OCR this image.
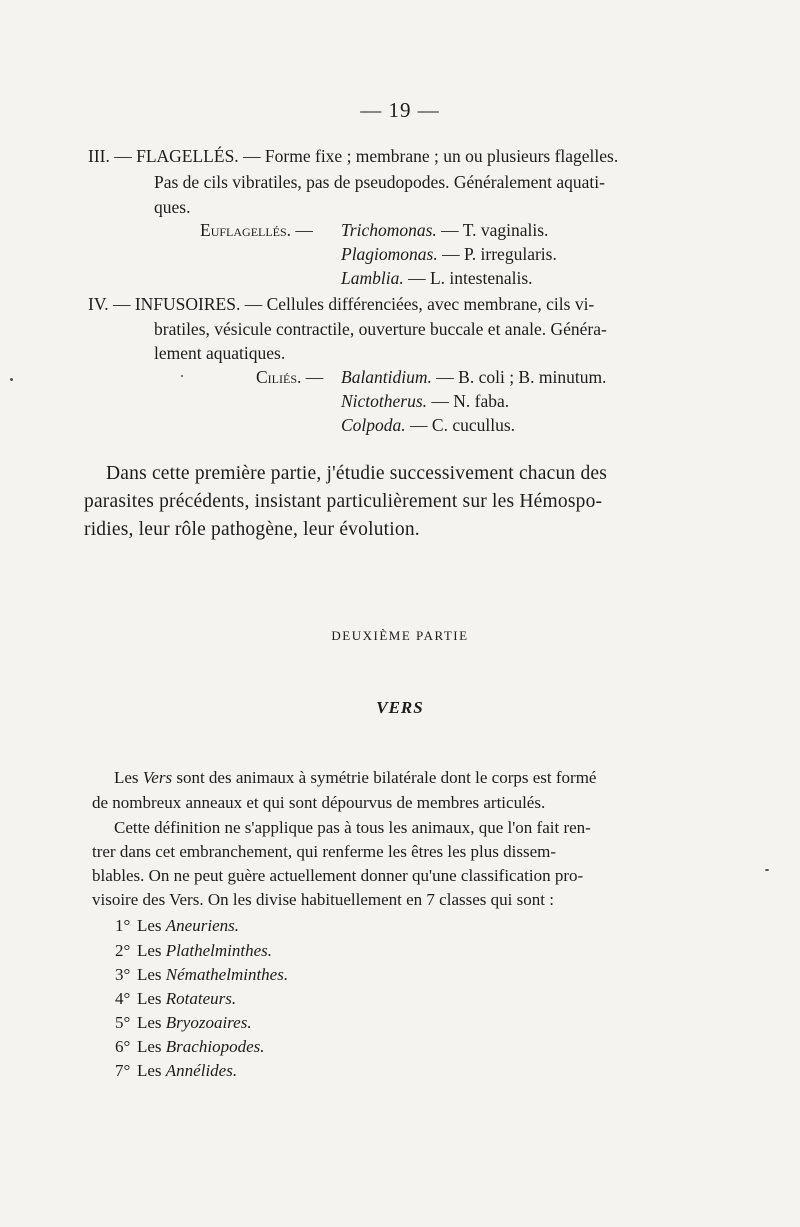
— 19 —
III. — FLAGELLÉS. — Forme fixe ; membrane ; un ou plusieurs flagelles.
Pas de cils vibratiles, pas de pseudopodes. Généralement aquati-
ques.
Euflagellés. — Trichomonas. — T. vaginalis.
Plagiomonas. — P. irregularis.
Lamblia. — L. intestenalis.
IV. — INFUSOIRES. — Cellules différenciées, avec membrane, cils vi-
bratiles, vésicule contractile, ouverture buccale et anale. Généra-
lement aquatiques.
Ciliés. — Balantidium. — B. coli ; B. minutum.
Nictotherus. — N. faba.
Colpoda. — C. cucullus.
Dans cette première partie, j'étudie successivement chacun des
parasites précédents, insistant particulièrement sur les Hémospo-
ridies, leur rôle pathogène, leur évolution.
DEUXIÈME PARTIE
VERS
Les Vers sont des animaux à symétrie bilatérale dont le corps est formé
de nombreux anneaux et qui sont dépourvus de membres articulés.
Cette définition ne s'applique pas à tous les animaux, que l'on fait ren-
trer dans cet embranchement, qui renferme les êtres les plus dissem-
blables. On ne peut guère actuellement donner qu'une classification pro-
visoire des Vers. On les divise habituellement en 7 classes qui sont :
1° Les Aneuriens.
2° Les Plathelminthes.
3° Les Némathelminthes.
4° Les Rotateurs.
5° Les Bryozoaires.
6° Les Brachiopodes.
7° Les Annélides.
